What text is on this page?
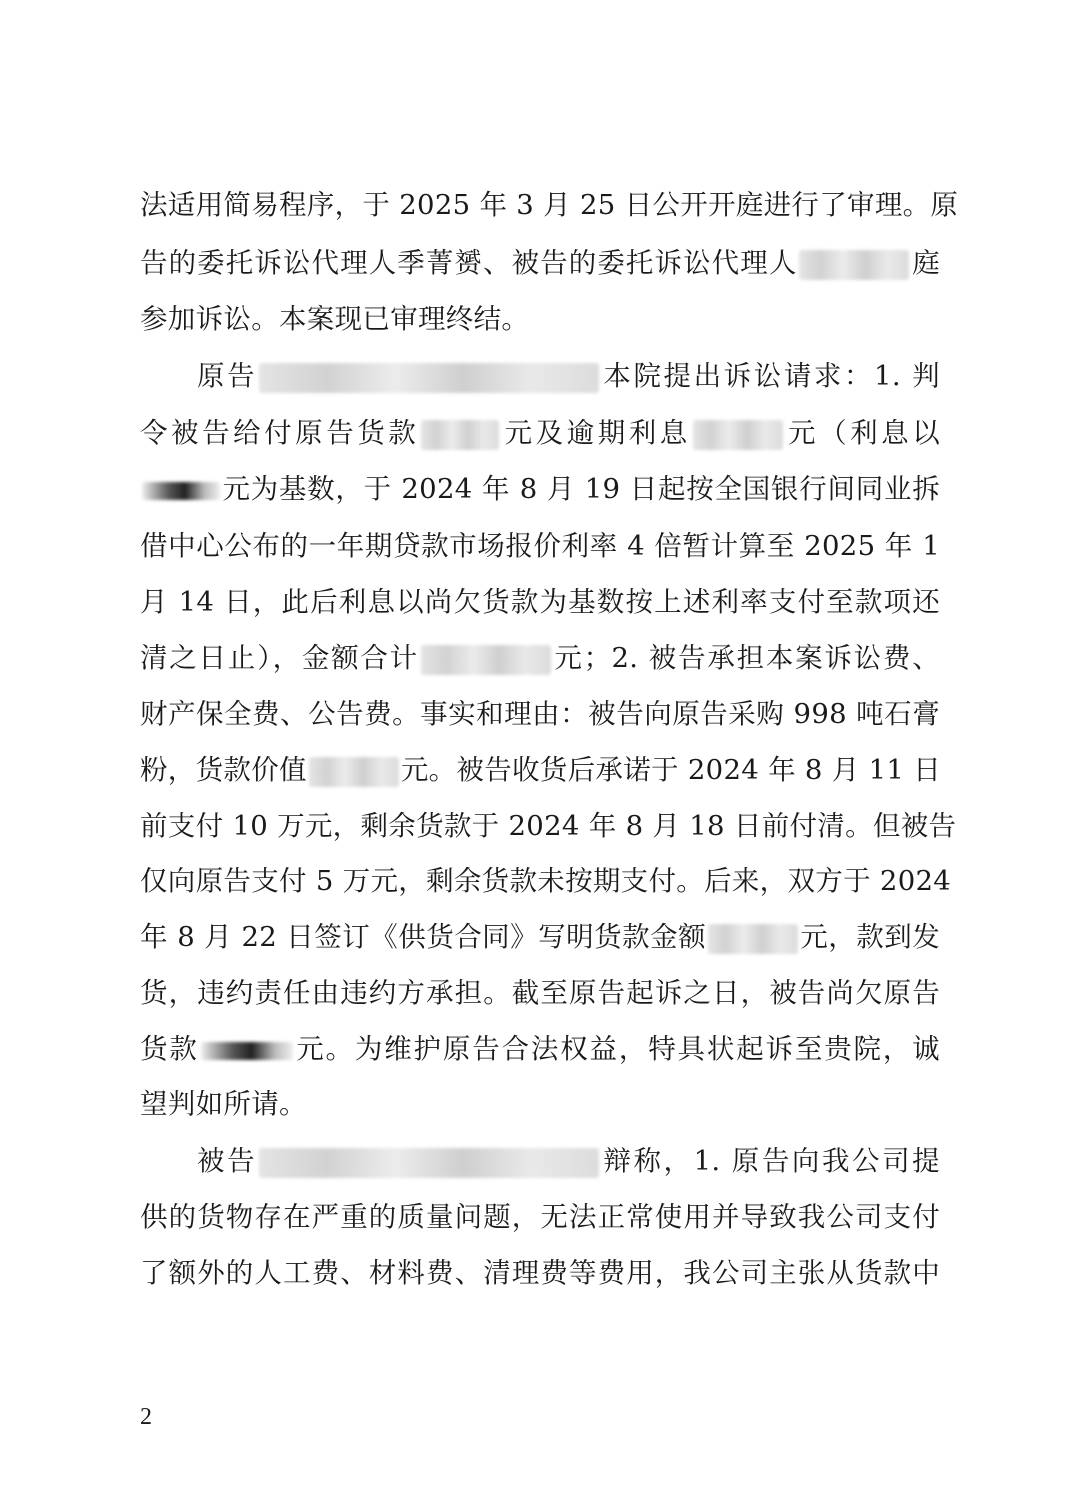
法适用简易程序，于 2025 年 3 月 25 日公开开庭进行了审理。原
告的委托诉讼代理人季菁赟、被告的委托诉讼代理人	庭
参加诉讼。本案现已审理终结。
原告	本院提出诉讼请求：1. 判
令被告给付原告货款	元及逾期利息	元（利息以
元为基数，于 2024 年 8 月 19 日起按全国银行间同业拆
借中心公布的一年期贷款市场报价利率 4 倍暂计算至 2025 年 1
月 14 日，此后利息以尚欠货款为基数按上述利率支付至款项还
清之日止），金额合计	元；2. 被告承担本案诉讼费、
财产保全费、公告费。事实和理由：被告向原告采购 998 吨石膏
粉，货款价值	元。被告收货后承诺于 2024 年 8 月 11 日
前支付 10 万元，剩余货款于 2024 年 8 月 18 日前付清。但被告
仅向原告支付 5 万元，剩余货款未按期支付。后来，双方于 2024
年 8 月 22 日签订《供货合同》写明货款金额	元，款到发
货，违约责任由违约方承担。截至原告起诉之日，被告尚欠原告
货款	元。为维护原告合法权益，特具状起诉至贵院，诚
望判如所请。
被告	辩称，1. 原告向我公司提
供的货物存在严重的质量问题，无法正常使用并导致我公司支付
了额外的人工费、材料费、清理费等费用，我公司主张从货款中
2
